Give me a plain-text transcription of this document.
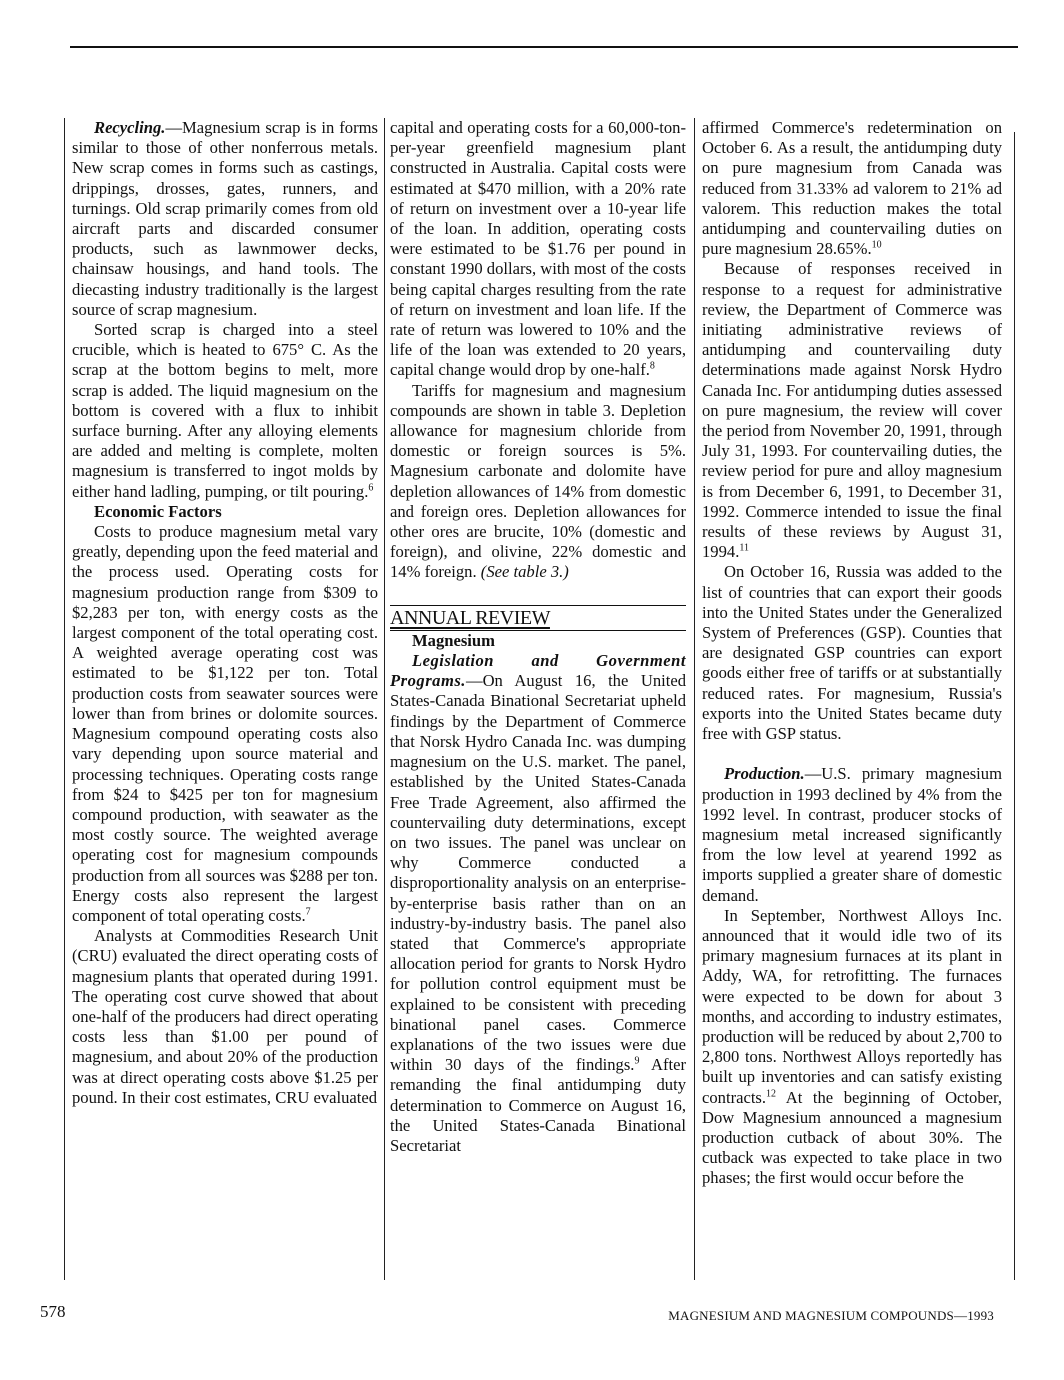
Recycling.—Magnesium scrap is in forms similar to those of other nonferrous metals. New scrap comes in forms such as castings, drippings, drosses, gates, runners, and turnings. Old scrap primarily comes from old aircraft parts and discarded consumer products, such as lawnmower decks, chainsaw housings, and hand tools. The diecasting industry traditionally is the largest source of scrap magnesium.

Sorted scrap is charged into a steel crucible, which is heated to 675° C. As the scrap at the bottom begins to melt, more scrap is added. The liquid magnesium on the bottom is covered with a flux to inhibit surface burning. After any alloying elements are added and melting is complete, molten magnesium is transferred to ingot molds by either hand ladling, pumping, or tilt pouring.$^6$

Economic Factors

Costs to produce magnesium metal vary greatly, depending upon the feed material and the process used. Operating costs for magnesium production range from $309 to $2,283 per ton, with energy costs as the largest component of the total operating cost. A weighted average operating cost was estimated to be $1,122 per ton. Total production costs from seawater sources were lower than from brines or dolomite sources. Magnesium compound operating costs also vary depending upon source material and processing techniques. Operating costs range from $24 to $425 per ton for magnesium compound production, with seawater as the most costly source. The weighted average operating cost for magnesium compounds production from all sources was $288 per ton. Energy costs also represent the largest component of total operating costs.$^7$

Analysts at Commodities Research Unit (CRU) evaluated the direct operating costs of magnesium plants that operated during 1991. The operating cost curve showed that about one-half of the producers had direct operating costs less than $1.00 per pound of magnesium, and about 20% of the production was at direct operating costs above $1.25 per pound. In their cost estimates, CRU evaluated

capital and operating costs for a 60,000-ton-per-year greenfield magnesium plant constructed in Australia. Capital costs were estimated at $470 million, with a 20% rate of return on investment over a 10-year life of the loan. In addition, operating costs were estimated to be $1.76 per pound in constant 1990 dollars, with most of the costs being capital charges resulting from the rate of return on investment and loan life. If the rate of return was lowered to 10% and the life of the loan was extended to 20 years, capital change would drop by one-half.$^8$

Tariffs for magnesium and magnesium compounds are shown in table 3. Depletion allowance for magnesium chloride from domestic or foreign sources is 5%. Magnesium carbonate and dolomite have depletion allowances of 14% from domestic and foreign ores. Depletion allowances for other ores are brucite, 10% (domestic and foreign), and olivine, 22% domestic and 14% foreign. (See table 3.)

ANNUAL REVIEW

Magnesium

Legislation and Government Programs.—On August 16, the United States-Canada Binational Secretariat upheld findings by the Department of Commerce that Norsk Hydro Canada Inc. was dumping magnesium on the U.S. market. The panel, established by the United States-Canada Free Trade Agreement, also affirmed the countervailing duty determinations, except on two issues. The panel was unclear on why Commerce conducted a disproportionality analysis on an enterprise-by-enterprise basis rather than on an industry-by-industry basis. The panel also stated that Commerce's appropriate allocation period for grants to Norsk Hydro for pollution control equipment must be explained to be consistent with preceding binational panel cases. Commerce explanations of the two issues were due within 30 days of the findings.$^9$ After remanding the final antidumping duty determination to Commerce on August 16, the United States-Canada Binational Secretariat

affirmed Commerce's redetermination on October 6. As a result, the antidumping duty on pure magnesium from Canada was reduced from 31.33% ad valorem to 21% ad valorem. This reduction makes the total antidumping and countervailing duties on pure magnesium 28.65%.$^{10}$

Because of responses received in response to a request for administrative review, the Department of Commerce was initiating administrative reviews of antidumping and countervailing duty determinations made against Norsk Hydro Canada Inc. For antidumping duties assessed on pure magnesium, the review will cover the period from November 20, 1991, through July 31, 1993. For countervailing duties, the review period for pure and alloy magnesium is from December 6, 1991, to December 31, 1992. Commerce intended to issue the final results of these reviews by August 31, 1994.11

On October 16, Russia was added to the list of countries that can export their goods into the United States under the Generalized System of Preferences (GSP). Counties that are designated GSP countries can export goods either free of tariffs or at substantially reduced rates. For magnesium, Russia's exports into the United States became duty free with GSP status.

Production.—U.S. primary magnesium production in 1993 declined by 4% from the 1992 level. In contrast, producer stocks of magnesium metal increased significantly from the low level at yearend 1992 as imports supplied a greater share of domestic demand.

In September, Northwest Alloys Inc. announced that it would idle two of its primary magnesium furnaces at its plant in Addy, WA, for retrofitting. The furnaces were expected to be down for about 3 months, and according to industry estimates, production will be reduced by about 2,700 to 2,800 tons. Northwest Alloys reportedly has built up inventories and can satisfy existing contracts.$^{12}$ At the beginning of October, Dow Magnesium announced a magnesium production cutback of about 30%. The cutback was expected to take place in two phases; the first would occur before the

578	MAGNESIUM AND MAGNESIUM COMPOUNDS—1993
